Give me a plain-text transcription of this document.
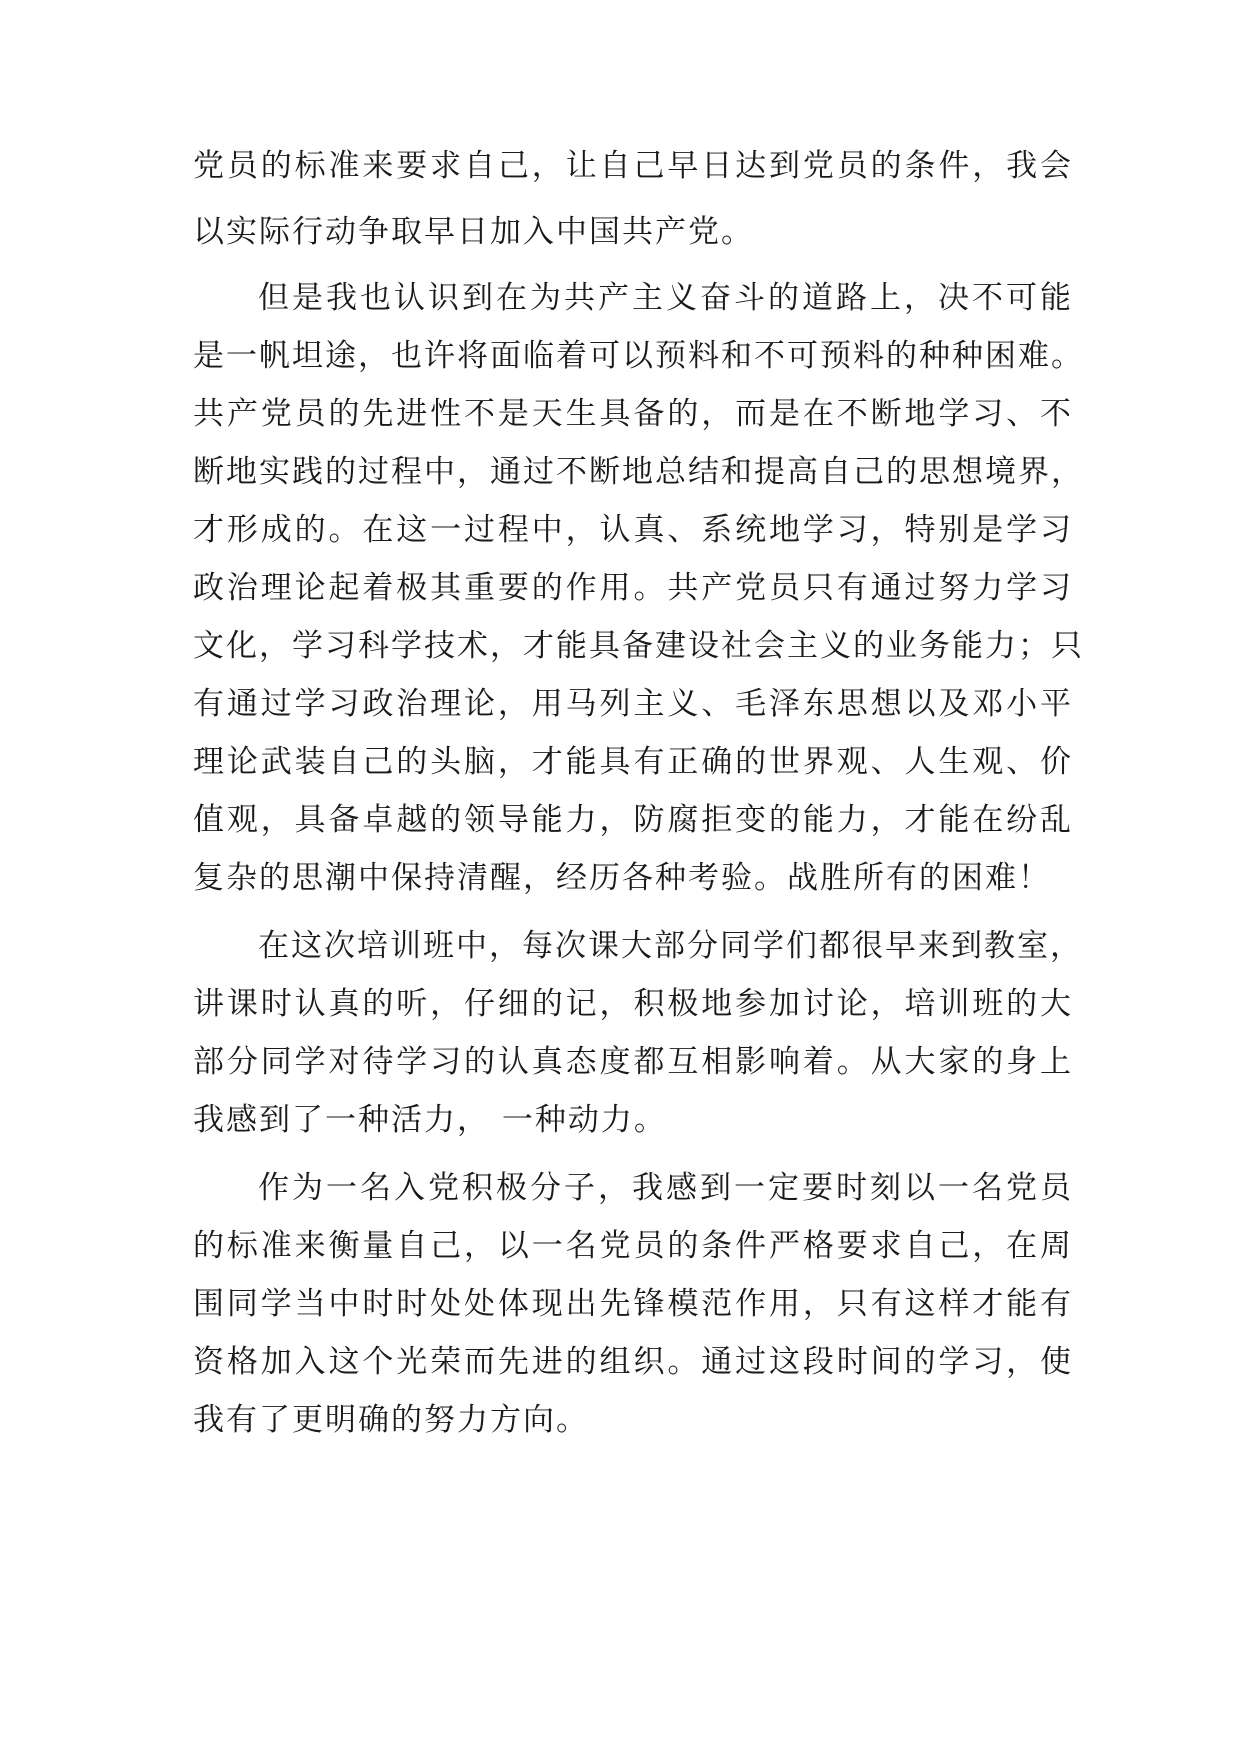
党员的标准来要求自己，让自己早日达到党员的条件，我会
以实际行动争取早日加入中国共产党。
但是我也认识到在为共产主义奋斗的道路上，决不可能
是一帆坦途，也许将面临着可以预料和不可预料的种种困难。
共产党员的先进性不是天生具备的，而是在不断地学习、不
断地实践的过程中，通过不断地总结和提高自己的思想境界，
才形成的。在这一过程中，认真、系统地学习，特别是学习
政治理论起着极其重要的作用。共产党员只有通过努力学习
文化，学习科学技术，才能具备建设社会主义的业务能力；只
有通过学习政治理论，用马列主义、毛泽东思想以及邓小平
理论武装自己的头脑，才能具有正确的世界观、人生观、价
值观，具备卓越的领导能力，防腐拒变的能力，才能在纷乱
复杂的思潮中保持清醒，经历各种考验。战胜所有的困难！
在这次培训班中，每次课大部分同学们都很早来到教室，
讲课时认真的听，仔细的记，积极地参加讨论，培训班的大
部分同学对待学习的认真态度都互相影响着。从大家的身上
我感到了一种活力， 一种动力。
作为一名入党积极分子，我感到一定要时刻以一名党员
的标准来衡量自己，以一名党员的条件严格要求自己，在周
围同学当中时时处处体现出先锋模范作用，只有这样才能有
资格加入这个光荣而先进的组织。通过这段时间的学习，使
我有了更明确的努力方向。
